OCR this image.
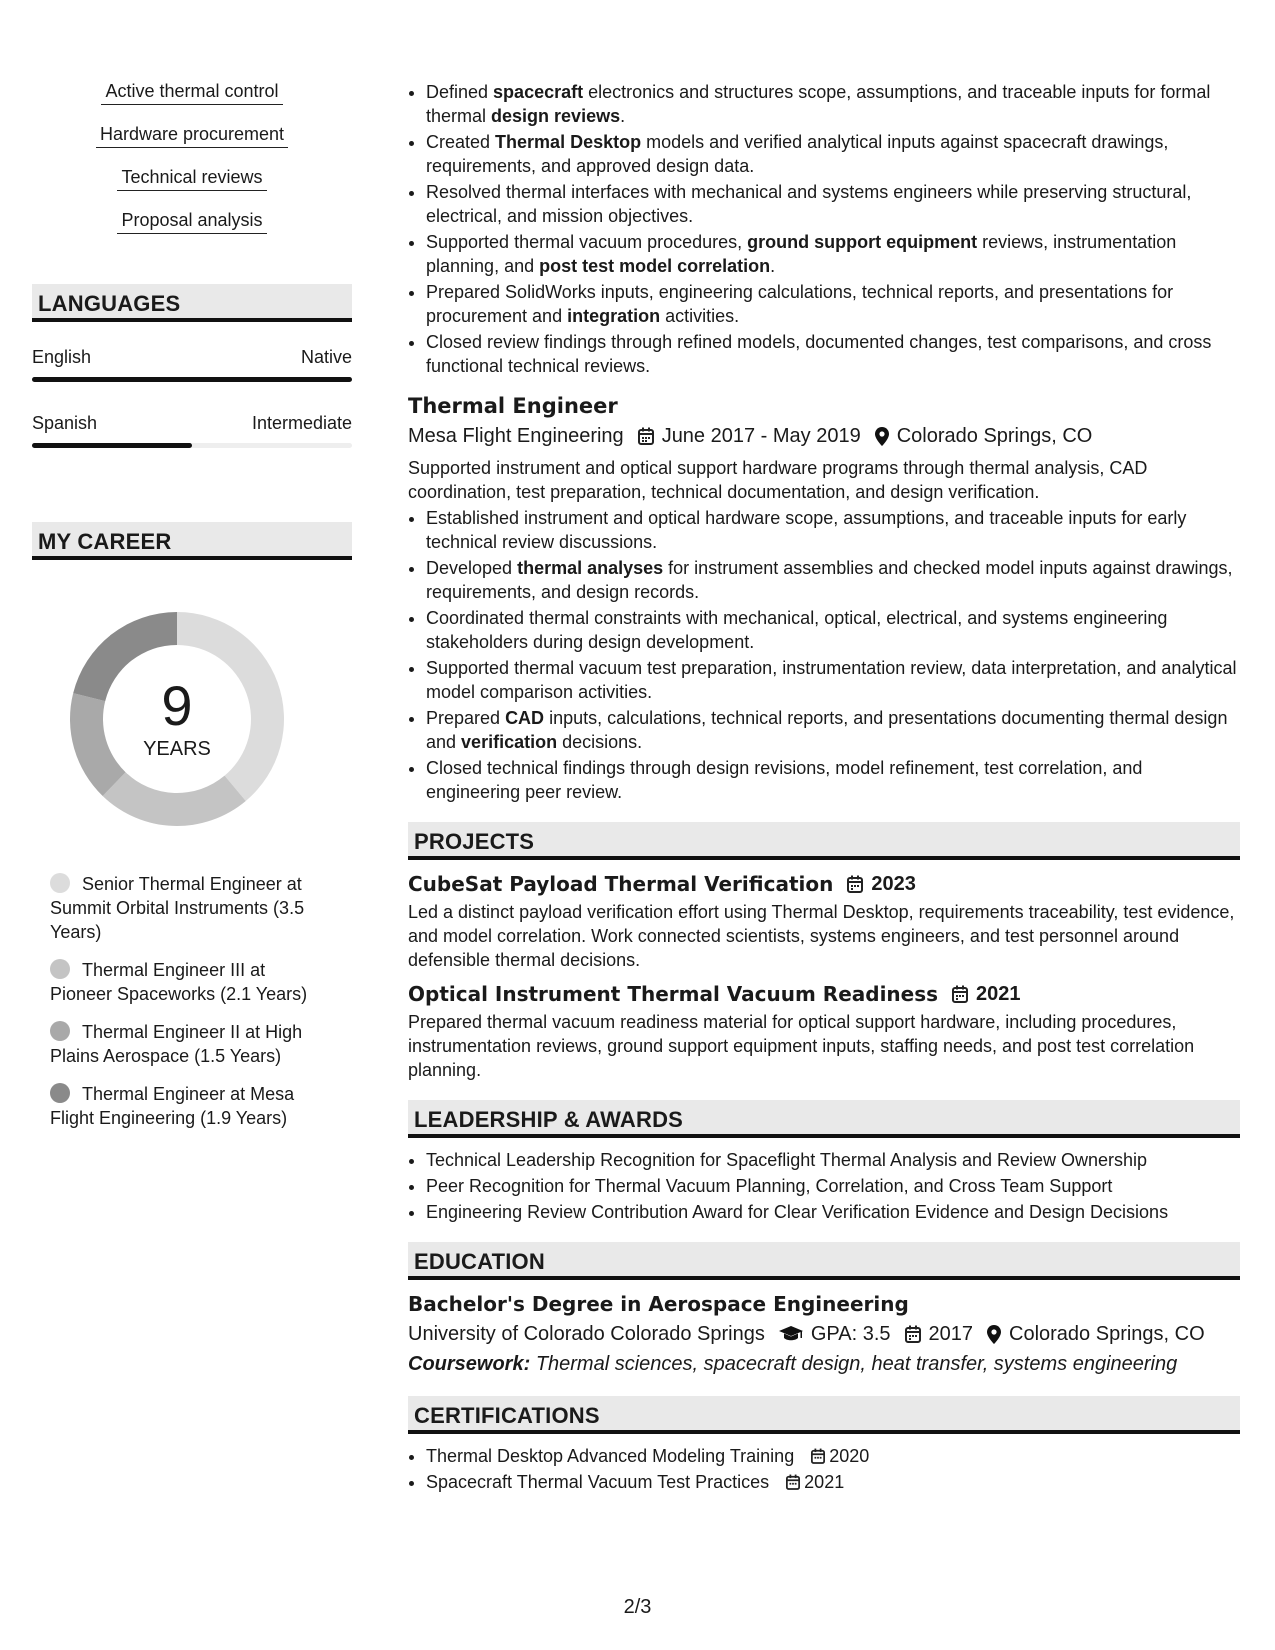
Active thermal control
Hardware procurement
Technical reviews
Proposal analysis
LANGUAGES
English	Native
Spanish	Intermediate
MY CAREER
9
YEARS
Senior Thermal Engineer at Summit Orbital Instruments (3.5 Years)
Thermal Engineer III at Pioneer Spaceworks (2.1 Years)
Thermal Engineer II at High Plains Aerospace (1.5 Years)
Thermal Engineer at Mesa Flight Engineering (1.9 Years)
• Defined spacecraft electronics and structures scope, assumptions, and traceable inputs for formal thermal design reviews.
• Created Thermal Desktop models and verified analytical inputs against spacecraft drawings, requirements, and approved design data.
• Resolved thermal interfaces with mechanical and systems engineers while preserving structural, electrical, and mission objectives.
• Supported thermal vacuum procedures, ground support equipment reviews, instrumentation planning, and post test model correlation.
• Prepared SolidWorks inputs, engineering calculations, technical reports, and presentations for procurement and integration activities.
• Closed review findings through refined models, documented changes, test comparisons, and cross functional technical reviews.
Thermal Engineer
Mesa Flight Engineering June 2017 - May 2019 Colorado Springs, CO
Supported instrument and optical support hardware programs through thermal analysis, CAD coordination, test preparation, technical documentation, and design verification.
• Established instrument and optical hardware scope, assumptions, and traceable inputs for early technical review discussions.
• Developed thermal analyses for instrument assemblies and checked model inputs against drawings, requirements, and design records.
• Coordinated thermal constraints with mechanical, optical, electrical, and systems engineering stakeholders during design development.
• Supported thermal vacuum test preparation, instrumentation review, data interpretation, and analytical model comparison activities.
• Prepared CAD inputs, calculations, technical reports, and presentations documenting thermal design and verification decisions.
• Closed technical findings through design revisions, model refinement, test correlation, and engineering peer review.
PROJECTS
CubeSat Payload Thermal Verification 2023
Led a distinct payload verification effort using Thermal Desktop, requirements traceability, test evidence, and model correlation. Work connected scientists, systems engineers, and test personnel around defensible thermal decisions.
Optical Instrument Thermal Vacuum Readiness 2021
Prepared thermal vacuum readiness material for optical support hardware, including procedures, instrumentation reviews, ground support equipment inputs, staffing needs, and post test correlation planning.
LEADERSHIP & AWARDS
• Technical Leadership Recognition for Spaceflight Thermal Analysis and Review Ownership
• Peer Recognition for Thermal Vacuum Planning, Correlation, and Cross Team Support
• Engineering Review Contribution Award for Clear Verification Evidence and Design Decisions
EDUCATION
Bachelor's Degree in Aerospace Engineering
University of Colorado Colorado Springs GPA: 3.5 2017 Colorado Springs, CO
Coursework: Thermal sciences, spacecraft design, heat transfer, systems engineering
CERTIFICATIONS
• Thermal Desktop Advanced Modeling Training 2020
• Spacecraft Thermal Vacuum Test Practices 2021
2/3
